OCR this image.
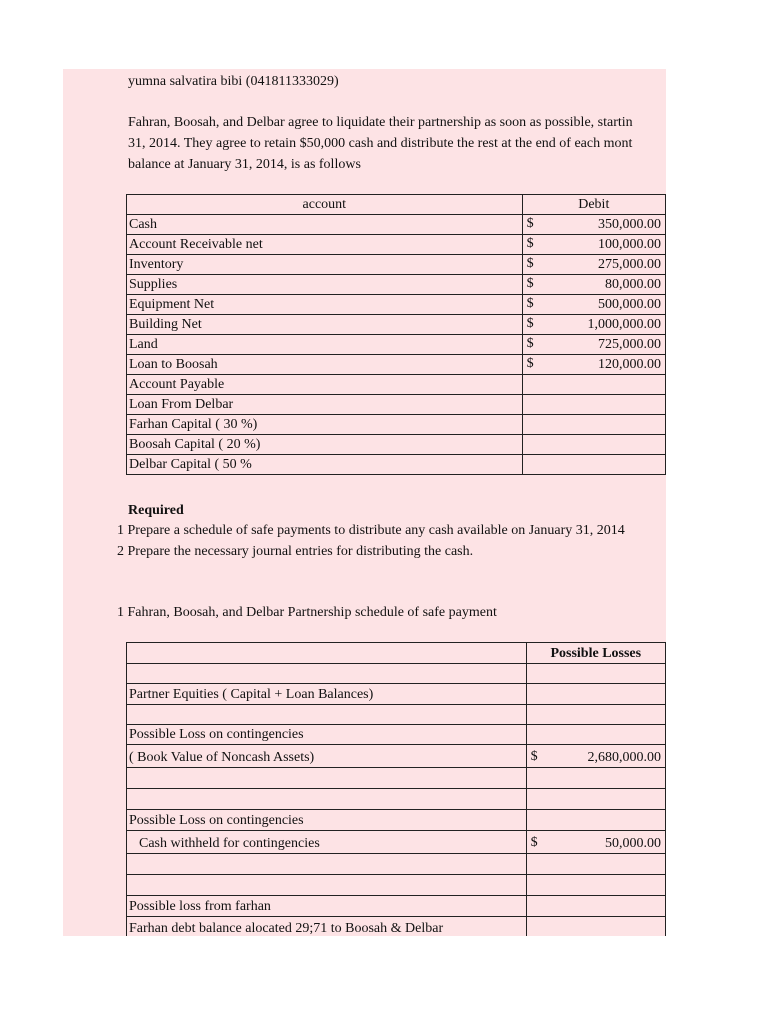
yumna salvatira bibi (041811333029)
Fahran, Boosah, and Delbar agree to liquidate their partnership as soon as possible, startin
31, 2014. They agree to retain $50,000 cash and distribute the rest at the end of each mont
balance at January 31, 2014, is as follows
account	Debit
Cash	$ 350,000.00

Account Receivable net	$ 100,000.00

Inventory	$ 275,000.00

Supplies	$ 80,000.00

Equipment Net	$ 500,000.00

Building Net	$ 1,000,000.00

Land	$ 725,000.00

Loan to Boosah	$ 120,000.00

Account Payable	

Loan From Delbar	

Farhan Capital ( 30 %)	

Boosah Capital ( 20 %)	

Delbar Capital ( 50 %	
Required
1 Prepare a schedule of safe payments to distribute any cash available on January 31, 2014
2 Prepare the necessary journal entries for distributing the cash.
1 Fahran, Boosah, and Delbar Partnership schedule of safe payment
	Possible Losses

Partner Equities ( Capital + Loan Balances)	

Possible Loss on contingencies	

( Book Value of Noncash Assets)	$ 2,680,000.00

Possible Loss on contingencies	

Cash withheld for contingencies	$ 50,000.00

Possible loss from farhan	

Farhan debt balance alocated 29;71 to Boosah & Delbar	
